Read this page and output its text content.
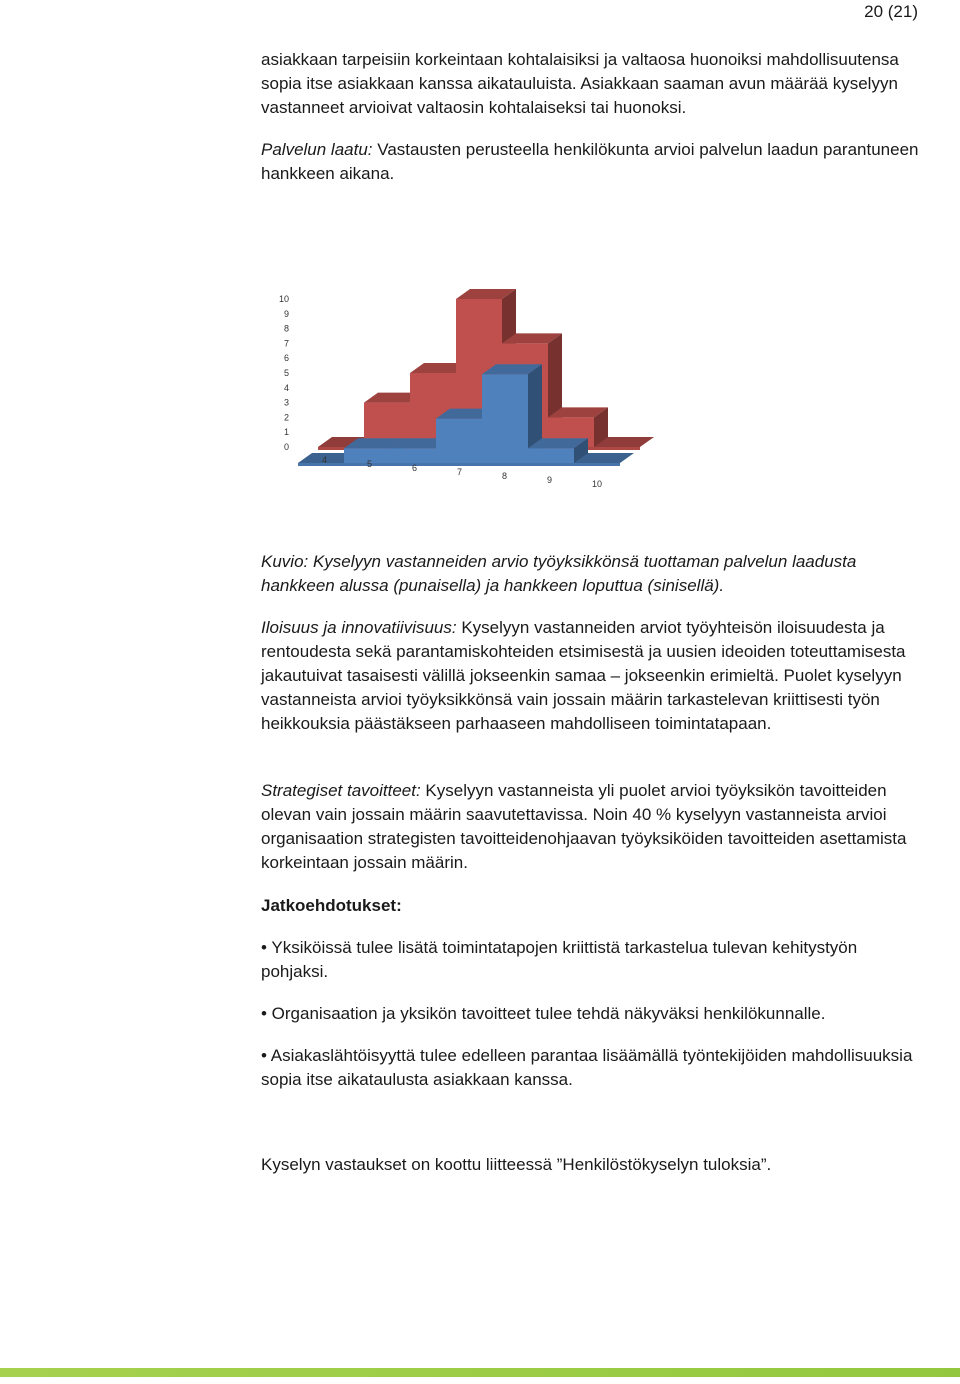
20 (21)

asiakkaan tarpeisiin korkeintaan kohtalaisiksi ja valtaosa huonoiksi mahdollisuutensa sopia itse asiakkaan kanssa aikatauluista. Asiakkaan saaman avun määrää kyselyyn vastanneet arvioivat valtaosin kohtalaiseksi tai huonoksi.

Palvelun laatu: Vastausten perusteella henkilökunta arvioi palvelun laadun parantuneen hankkeen aikana.

0
1
2
3
4
5
6
7
8
9
10
4	5	6	7	8	9	10

Kuvio: Kyselyyn vastanneiden arvio työyksikkönsä tuottaman palvelun laadusta hankkeen alussa (punaisella) ja hankkeen loputtua (sinisellä).

Iloisuus ja innovatiivisuus: Kyselyyn vastanneiden arviot työyhteisön iloisuudesta ja rentoudesta sekä parantamiskohteiden etsimisestä ja uusien ideoiden toteuttamisesta jakautuivat tasaisesti välillä jokseenkin samaa – jokseenkin erimieltä. Puolet kyselyyn vastanneista arvioi työyksikkönsä vain jossain määrin tarkastelevan kriittisesti työn heikkouksia päästäkseen parhaaseen mahdolliseen toimintatapaan.

Strategiset tavoitteet: Kyselyyn vastanneista yli puolet arvioi työyksikön tavoitteiden olevan vain jossain määrin saavutettavissa. Noin 40 % kyselyyn vastanneista arvioi organisaation strategisten tavoitteidenohjaavan työyksiköiden tavoitteiden asettamista korkeintaan jossain määrin.

Jatkoehdotukset:

• Yksiköissä tulee lisätä toimintatapojen kriittistä tarkastelua tulevan kehitystyön pohjaksi.

• Organisaation ja yksikön tavoitteet tulee tehdä näkyväksi henkilökunnalle.

• Asiakaslähtöisyyttä tulee edelleen parantaa lisäämällä työntekijöiden mahdollisuuksia sopia itse aikataulusta asiakkaan kanssa.

Kyselyn vastaukset on koottu liitteessä ”Henkilöstökyselyn tuloksia”.
